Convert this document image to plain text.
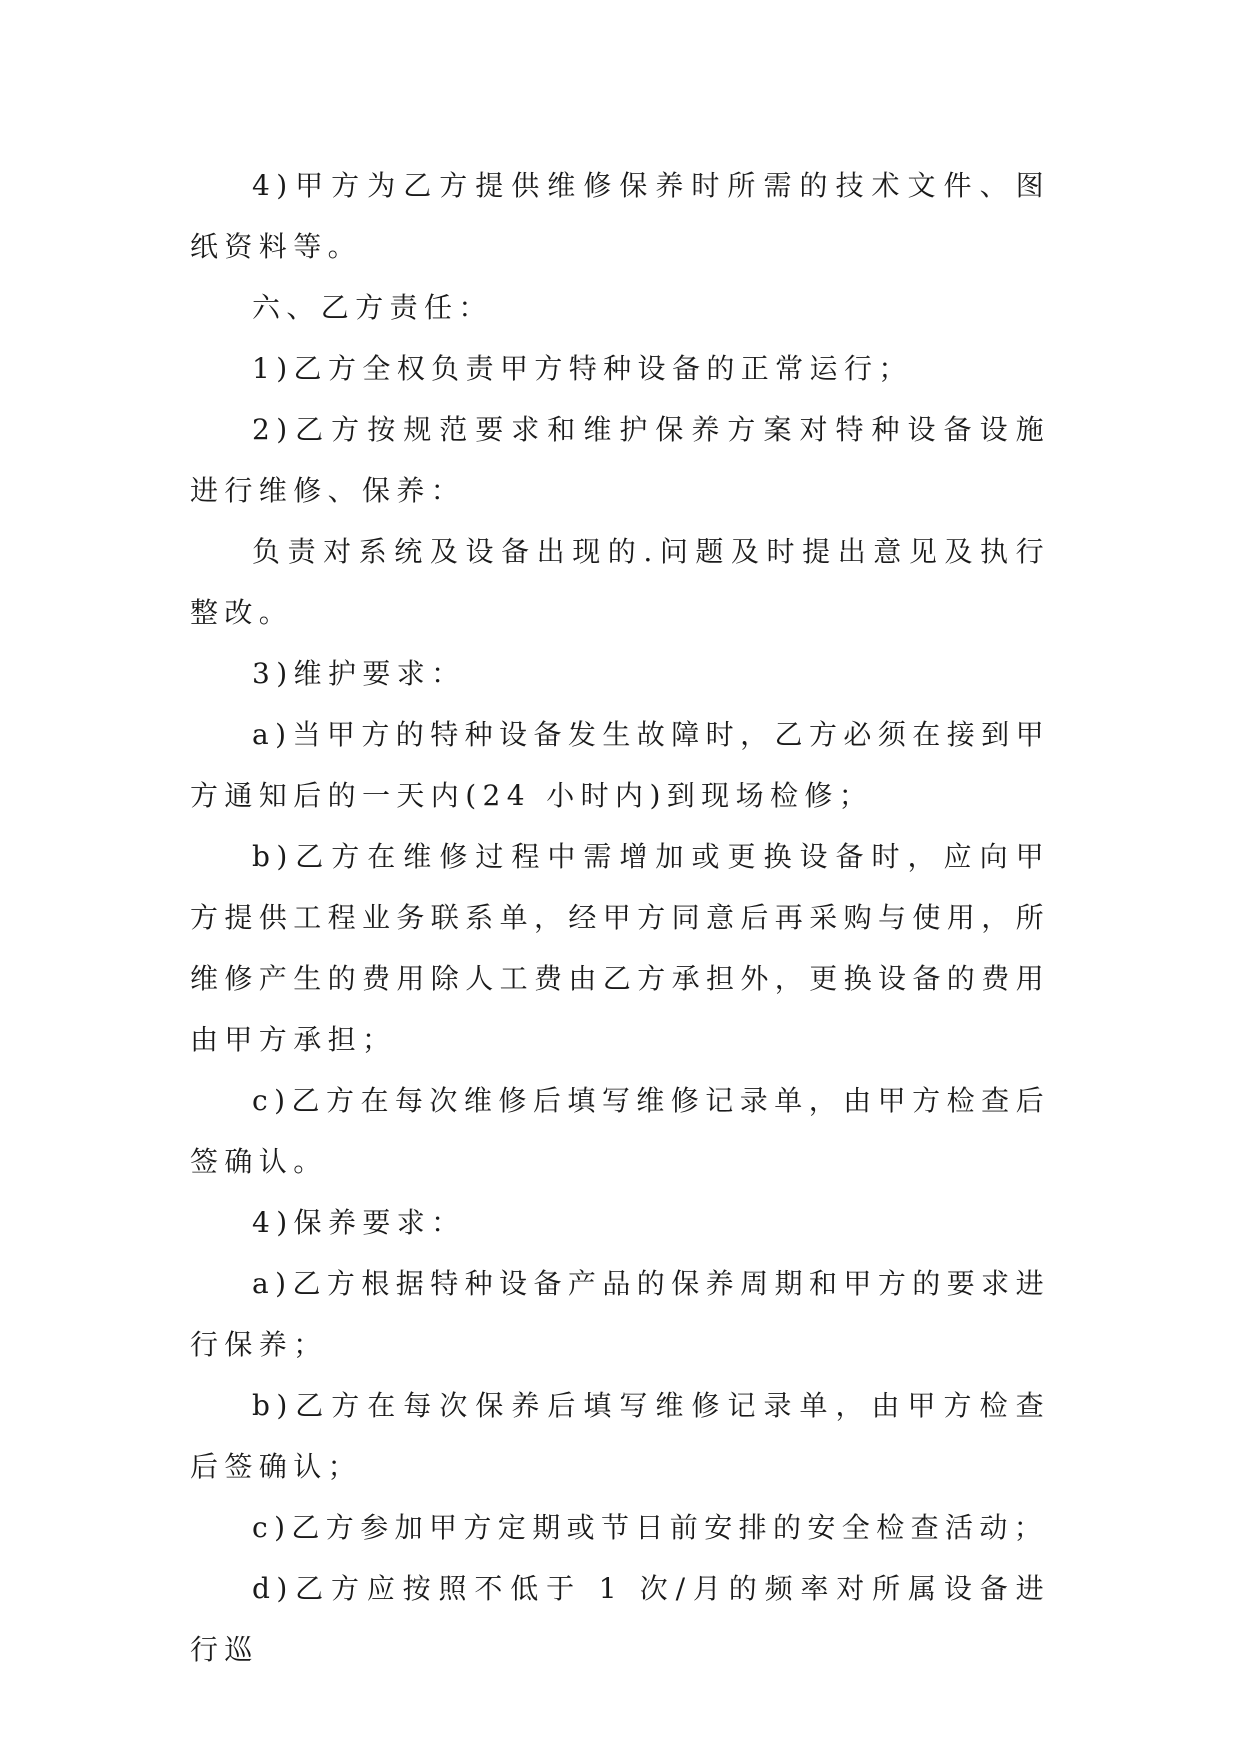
4)甲方为乙方提供维修保养时所需的技术文件、图纸资料等。

六、乙方责任：

1)乙方全权负责甲方特种设备的正常运行；

2)乙方按规范要求和维护保养方案对特种设备设施进行维修、保养：

负责对系统及设备出现的.问题及时提出意见及执行整改。

3)维护要求：

a)当甲方的特种设备发生故障时，乙方必须在接到甲方通知后的一天内(24 小时内)到现场检修；

b)乙方在维修过程中需增加或更换设备时，应向甲方提供工程业务联系单，经甲方同意后再采购与使用，所维修产生的费用除人工费由乙方承担外，更换设备的费用由甲方承担；

c)乙方在每次维修后填写维修记录单，由甲方检查后签确认。

4)保养要求：

a)乙方根据特种设备产品的保养周期和甲方的要求进行保养；

b)乙方在每次保养后填写维修记录单，由甲方检查后签确认；

c)乙方参加甲方定期或节日前安排的安全检查活动；

d)乙方应按照不低于 1 次/月的频率对所属设备进行巡
